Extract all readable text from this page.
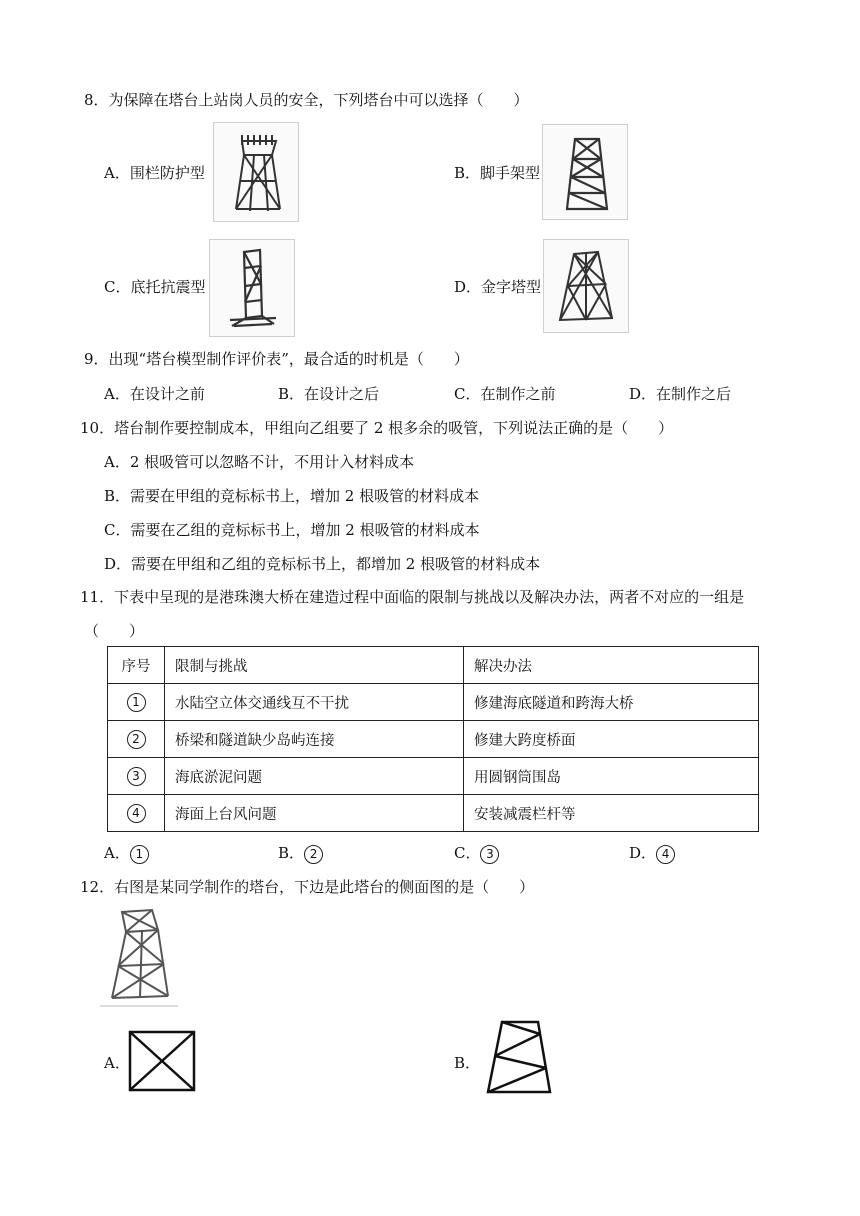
8．为保障在塔台上站岗人员的安全，下列塔台中可以选择（　　）
A．围栏防护型	B．脚手架型
C．底托抗震型	D．金字塔型
9．出现“塔台模型制作评价表”，最合适的时机是（　　）
A．在设计之前	B．在设计之后	C．在制作之前	D．在制作之后
10．塔台制作要控制成本，甲组向乙组要了 2 根多余的吸管，下列说法正确的是（　　）
A．2 根吸管可以忽略不计，不用计入材料成本
B．需要在甲组的竞标标书上，增加 2 根吸管的材料成本
C．需要在乙组的竞标标书上，增加 2 根吸管的材料成本
D．需要在甲组和乙组的竞标标书上，都增加 2 根吸管的材料成本
11．下表中呈现的是港珠澳大桥在建造过程中面临的限制与挑战以及解决办法，两者不对应的一组是
（　　）
序号	限制与挑战	解决办法
1	水陆空立体交通线互不干扰	修建海底隧道和跨海大桥
2	桥梁和隧道缺少岛屿连接	修建大跨度桥面
3	海底淤泥问题	用圆钢筒围岛
4	海面上台风问题	安装减震栏杆等
A． 1	B． 2	C． 3	D． 4
12．右图是某同学制作的塔台，下边是此塔台的侧面图的是（　　）
A．	B．
